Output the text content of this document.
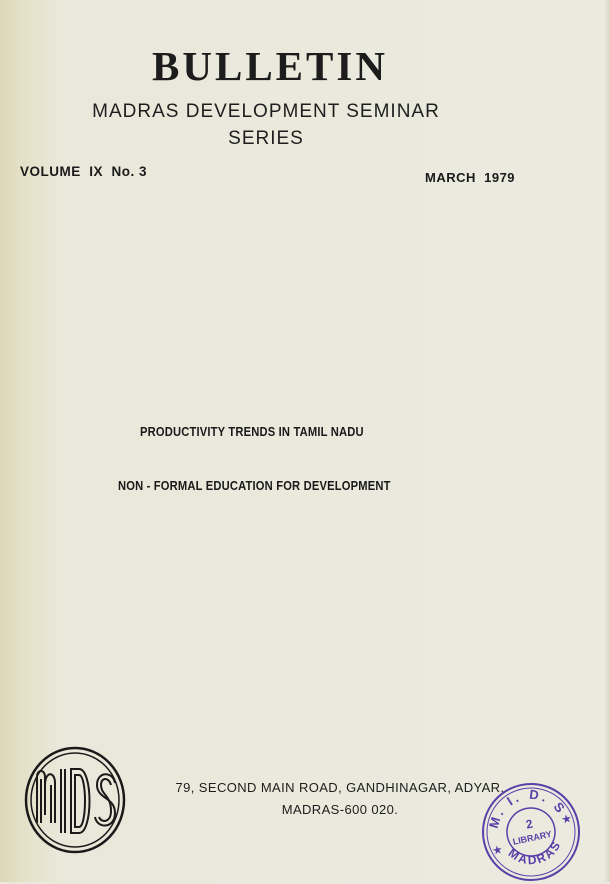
BULLETIN
MADRAS DEVELOPMENT SEMINAR
SERIES
VOLUME  IX  No. 3	MARCH  1979
PRODUCTIVITY TRENDS IN TAMIL NADU
NON - FORMAL EDUCATION FOR DEVELOPMENT
MIDS
79, SECOND MAIN ROAD, GANDHINAGAR, ADYAR,
MADRAS-600 020.
M. I. D. S
MADRAS
2
LIBRARY
★
★
